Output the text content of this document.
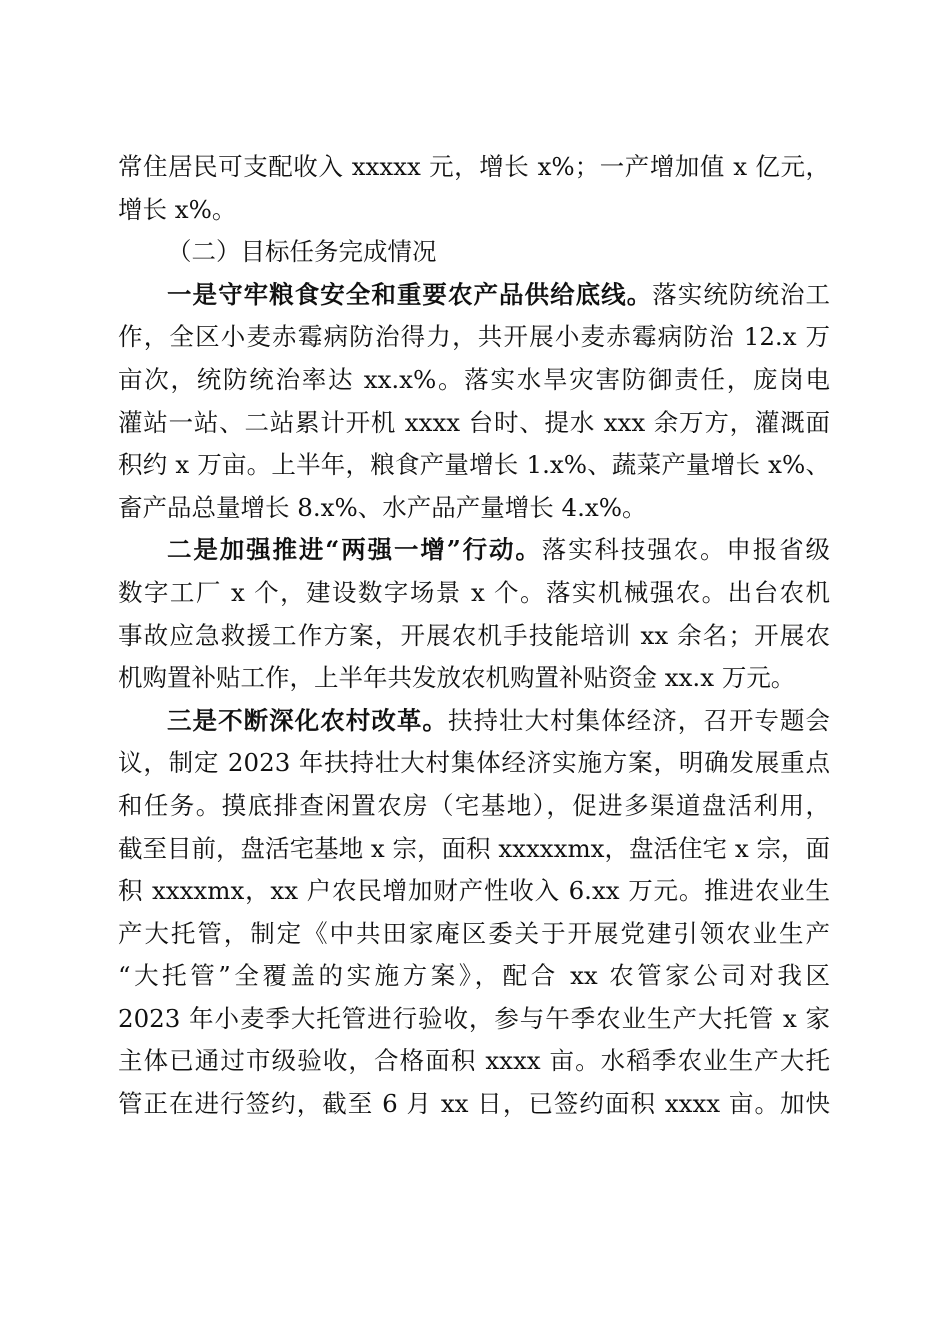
常住居民可支配收入 xxxxx 元，增长 x%；一产增加值 x 亿元，
增长 x%。
（二）目标任务完成情况
一是守牢粮食安全和重要农产品供给底线。落实统防统治工
作，全区小麦赤霉病防治得力，共开展小麦赤霉病防治 12.x 万
亩次，统防统治率达 xx.x%。落实水旱灾害防御责任，庞岗电
灌站一站、二站累计开机 xxxx 台时、提水 xxx 余万方，灌溉面
积约 x 万亩。上半年，粮食产量增长 1.x%、蔬菜产量增长 x%、
畜产品总量增长 8.x%、水产品产量增长 4.x%。
二是加强推进“两强一增”行动。落实科技强农。申报省级
数字工厂 x 个，建设数字场景 x 个。落实机械强农。出台农机
事故应急救援工作方案，开展农机手技能培训 xx 余名；开展农
机购置补贴工作，上半年共发放农机购置补贴资金 xx.x 万元。
三是不断深化农村改革。扶持壮大村集体经济，召开专题会
议，制定 2023 年扶持壮大村集体经济实施方案，明确发展重点
和任务。摸底排查闲置农房（宅基地），促进多渠道盘活利用，
截至目前，盘活宅基地 x 宗，面积 xxxxxmx，盘活住宅 x 宗，面
积 xxxxmx，xx 户农民增加财产性收入 6.xx 万元。推进农业生
产大托管，制定《中共田家庵区委关于开展党建引领农业生产
“大托管”全覆盖的实施方案》，配合 xx 农管家公司对我区
2023 年小麦季大托管进行验收，参与午季农业生产大托管 x 家
主体已通过市级验收，合格面积 xxxx 亩。水稻季农业生产大托
管正在进行签约，截至 6 月 xx 日，已签约面积 xxxx 亩。加快
